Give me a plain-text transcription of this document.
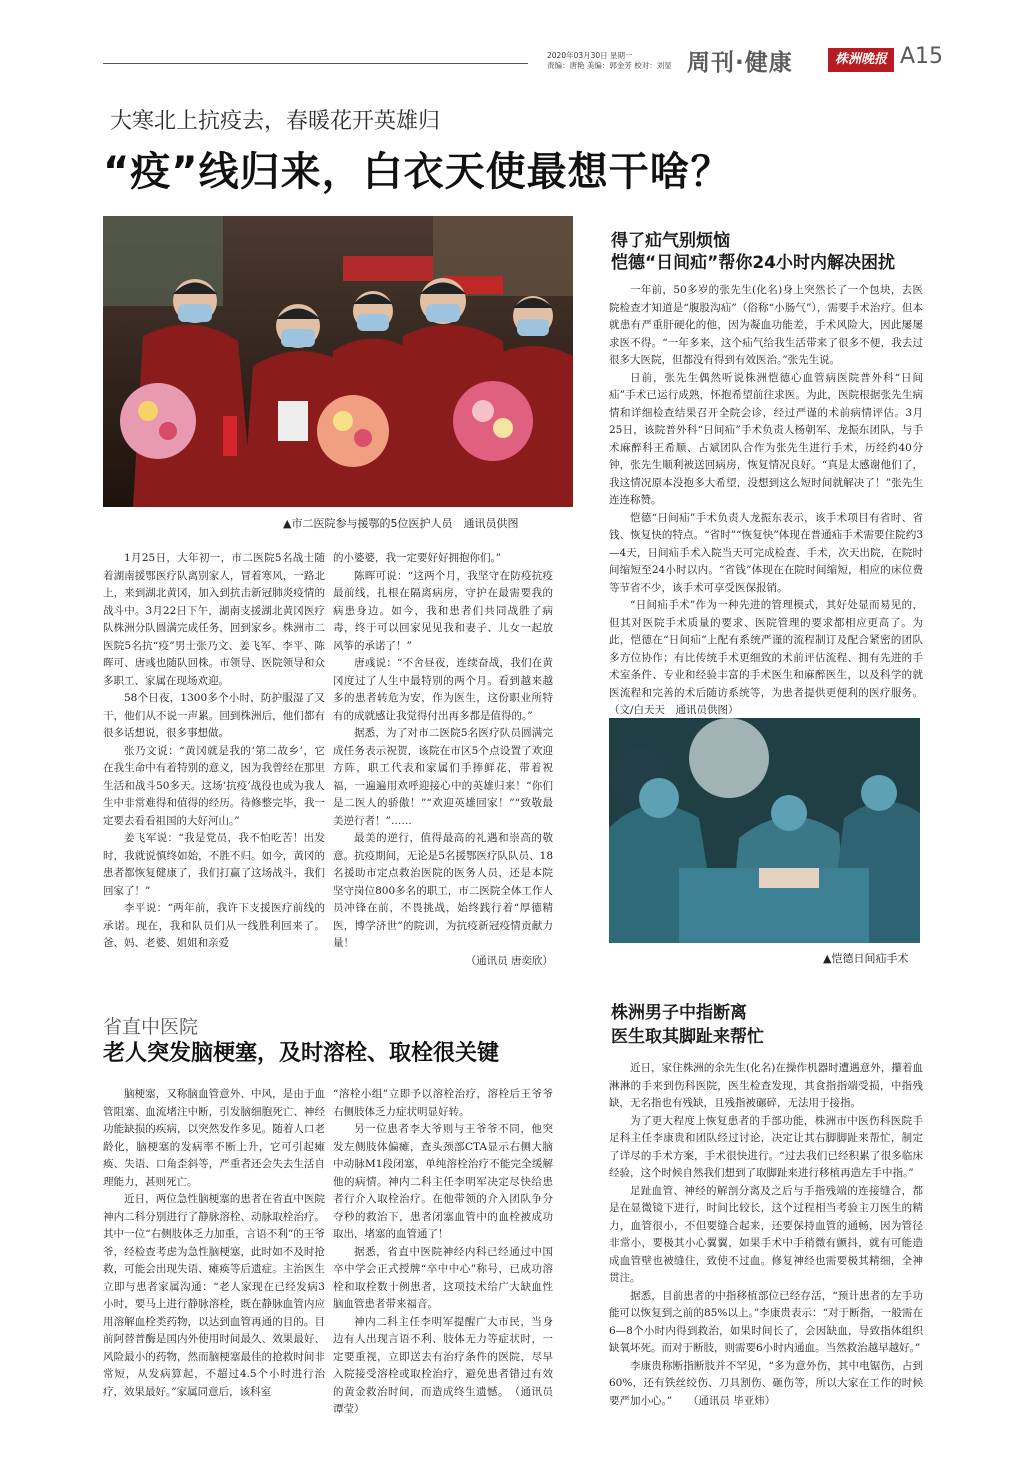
2020年03月30日 星期一
责编：唐艳 美编：郭金芳 校对：刘显 周刊·健康	株洲晚报 A15
大寒北上抗疫去，春暖花开英雄归
“疫”线归来，白衣天使最想干啥？
▲市二医院参与援鄂的5位医护人员　通讯员供图

1月25日，大年初一，市二医院5名战士随着湖南援鄂医疗队离别家人，冒着寒风，一路北上，来到湖北黄冈，加入到抗击新冠肺炎疫情的战斗中。3月22日下午，湖南支援湖北黄冈医疗队株洲分队圆满完成任务，回到家乡。株洲市二医院5名抗“疫”男士张乃文、姜飞军、李平、陈晖可、唐彧也随队回株。市领导、医院领导和众多职工、家属在现场欢迎。

58个日夜，1300多个小时，防护服湿了又干，他们从不说一声累。回到株洲后，他们都有很多话想说，很多事想做。

张乃文说：“黄冈就是我的‘第二故乡’，它在我生命中有着特别的意义，因为我曾经在那里生活和战斗50多天。这场‘抗疫’战役也成为我人生中非常难得和值得的经历。待修整完毕，我一定要去看看祖国的大好河山。”

姜飞军说：“我是党员，我不怕吃苦！出发时，我就说慎终如始，不胜不归。如今，黄冈的患者都恢复健康了，我们打赢了这场战斗，我们回家了！”

李平说：“两年前，我许下支援医疗前线的承诺。现在，我和队员们从一线胜利回来了。爸、妈、老婆、姐姐和亲爱

的小婆婆，我一定要好好拥抱你们。”

陈晖可说：“这两个月，我坚守在防疫抗疫最前线，扎根在隔离病房，守护在最需要我的病患身边。如今，我和患者们共同战胜了病毒，终于可以回家见见我和妻子、儿女一起放风筝的承诺了！”

唐彧说：“不舍昼夜，连续奋战，我们在黄冈度过了人生中最特别的两个月。看到越来越多的患者转危为安，作为医生，这份职业所特有的成就感让我觉得付出再多都是值得的。”

据悉，为了对市二医院5名医疗队员圆满完成任务表示祝贺，该院在市区5个点设置了欢迎方阵，职工代表和家属们手捧鲜花，带着祝福，一遍遍用欢呼迎接心中的英雄归来！“你们是二医人的骄傲！”“欢迎英雄回家！”“致敬最美逆行者！”……

最美的逆行，值得最高的礼遇和崇高的敬意。抗疫期间，无论是5名援鄂医疗队队员、18名援助市定点救治医院的医务人员，还是本院坚守岗位800多名的职工，市二医院全体工作人员冲锋在前，不畏挑战，始终践行着“厚德精医，博学济世”的院训，为抗疫新冠疫情贡献力量！

（通讯员 唐奕欣）

得了疝气别烦恼
恺德“日间疝”帮你24小时内解决困扰

一年前，50多岁的张先生(化名)身上突然长了一个包块，去医院检查才知道是“腹股沟疝”（俗称“小肠气”），需要手术治疗。但本就患有严重肝硬化的他，因为凝血功能差，手术风险大，因此屡屡求医不得。“一年多来，这个疝气给我生活带来了很多不便，我去过很多大医院，但都没有得到有效医治。”张先生说。

日前，张先生偶然听说株洲恺德心血管病医院普外科“日间疝”手术已运行成熟，怀抱希望前往求医。为此，医院根据张先生病情和详细检查结果召开全院会诊，经过严谨的术前病情评估。3月25日，该院普外科“日间疝”手术负责人杨朝军、龙振东团队，与手术麻醉科王希顺、占斌团队合作为张先生进行手术，历经约40分钟，张先生顺利被送回病房，恢复情况良好。“真是太感谢他们了，我这情况原本没抱多大希望，没想到这么短时间就解决了！”张先生连连称赞。

恺德“日间疝”手术负责人龙振东表示，该手术项目有省时、省钱、恢复快的特点。“省时”“恢复快”体现在普通疝手术需要住院约3—4天，日间疝手术入院当天可完成检查、手术，次天出院，在院时间缩短至24小时以内。“省钱”体现在在院时间缩短，相应的床位费等节省不少，该手术可享受医保报销。

“日间疝手术”作为一种先进的管理模式，其好处显而易见的，但其对医院手术质量的要求、医院管理的要求都相应更高了。为此，恺德在“日间疝”上配有系统严谨的流程制订及配合紧密的团队多方位协作；有比传统手术更细致的术前评估流程、拥有先进的手术室条件、专业和经验丰富的手术医生和麻醉医生，以及科学的就医流程和完善的术后随访系统等，为患者提供更便利的医疗服务。（文/白天天　通讯员供图）

▲恺德日间疝手术
省直中医院
老人突发脑梗塞，及时溶栓、取栓很关键

脑梗塞，又称脑血管意外、中风，是由于血管阻塞、血流堵注中断，引发脑细胞死亡、神经功能缺损的疾病，以突然发作多见。随着人口老龄化，脑梗塞的发病率不断上升，它可引起瘫痪、失语、口角歪斜等，严重者还会失去生活自理能力，甚则死亡。

近日，两位急性脑梗塞的患者在省直中医院神内二科分别进行了静脉溶栓、动脉取栓治疗。其中一位“右侧肢体乏力加重，言语不利”的王爷爷，经检查考虑为急性脑梗塞，此时如不及时抢救，可能会出现失语、瘫痪等后遗症。主治医生立即与患者家属沟通：“老人家现在已经发病3小时，要马上进行静脉溶栓，既在静脉血管内应用溶解血栓类药物，以达到血管再通的目的。目前阿替普酶是国内外使用时间最久、效果最好、风险最小的药物，然而脑梗塞最佳的抢救时间非常短，从发病算起，不超过4.5个小时进行治疗，效果最好。”家属同意后，该科室

“溶栓小组”立即予以溶栓治疗，溶栓后王爷爷右侧肢体乏力症状明显好转。

另一位患者李大爷则与王爷爷不同，他突发左侧肢体偏瘫，查头颈部CTA显示右侧大脑中动脉M1段闭塞，单纯溶栓治疗不能完全缓解他的病情。神内二科主任李明军决定尽快给患者行介入取栓治疗。在他带领的介入团队争分夺秒的救治下，患者闭塞血管中的血栓被成功取出，堵塞的血管通了！

据悉，省直中医院神经内科已经通过中国卒中学会正式授牌“卒中中心”称号，已成功溶栓和取栓数十例患者，这项技术给广大缺血性脑血管患者带来福音。

神内二科主任李明军提醒广大市民，当身边有人出现言语不利、肢体无力等症状时，一定要重视，立即送去有治疗条件的医院，尽早入院接受溶栓或取栓治疗，避免患者错过有效的黄金救治时间，而造成终生遗憾。　（通讯员 谭莹）

株洲男子中指断离
医生取其脚趾来帮忙

近日，家住株洲的余先生(化名)在操作机器时遭遇意外，攥着血淋淋的手来到伤科医院，医生检查发现，其食指指端受损，中指残缺，无名指也有残缺，且残指被碾碎，无法用于接指。

为了更大程度上恢复患者的手部功能，株洲市中医伤科医院手足科主任李康贵和团队经过讨论，决定让其右脚脚趾来帮忙，制定了详尽的手术方案，手术很快进行。“过去我们已经积累了很多临床经验，这个时候自然我们想到了取脚趾来进行移植再造左手中指。”

足趾血管、神经的解剖分离及之后与手指残端的连接缝合，都是在显微镜下进行，时间比较长，这个过程相当考验主刀医生的精力，血管很小，不但要缝合起来，还要保持血管的通畅，因为管径非常小，要极其小心翼翼，如果手术中手稍微有颤抖，就有可能造成血管壁也被缝住，致使不过血。修复神经也需要极其精细，全神贯注。

据悉，目前患者的中指移植部位已经存活，“预计患者的左手功能可以恢复到之前的85%以上。”李康贵表示：“对于断指，一般需在6—8个小时内得到救治，如果时间长了，会因缺血，导致指体组织缺氧坏死。而对于断肢，则需要6小时内通血。当然救治越早越好。”

李康贵称断指断肢并不罕见，“多为意外伤，其中电锯伤，占到60%，还有铁丝绞伤、刀具割伤、砸伤等，所以大家在工作的时候要严加小心。”　　（通讯员 毕亚炜）
